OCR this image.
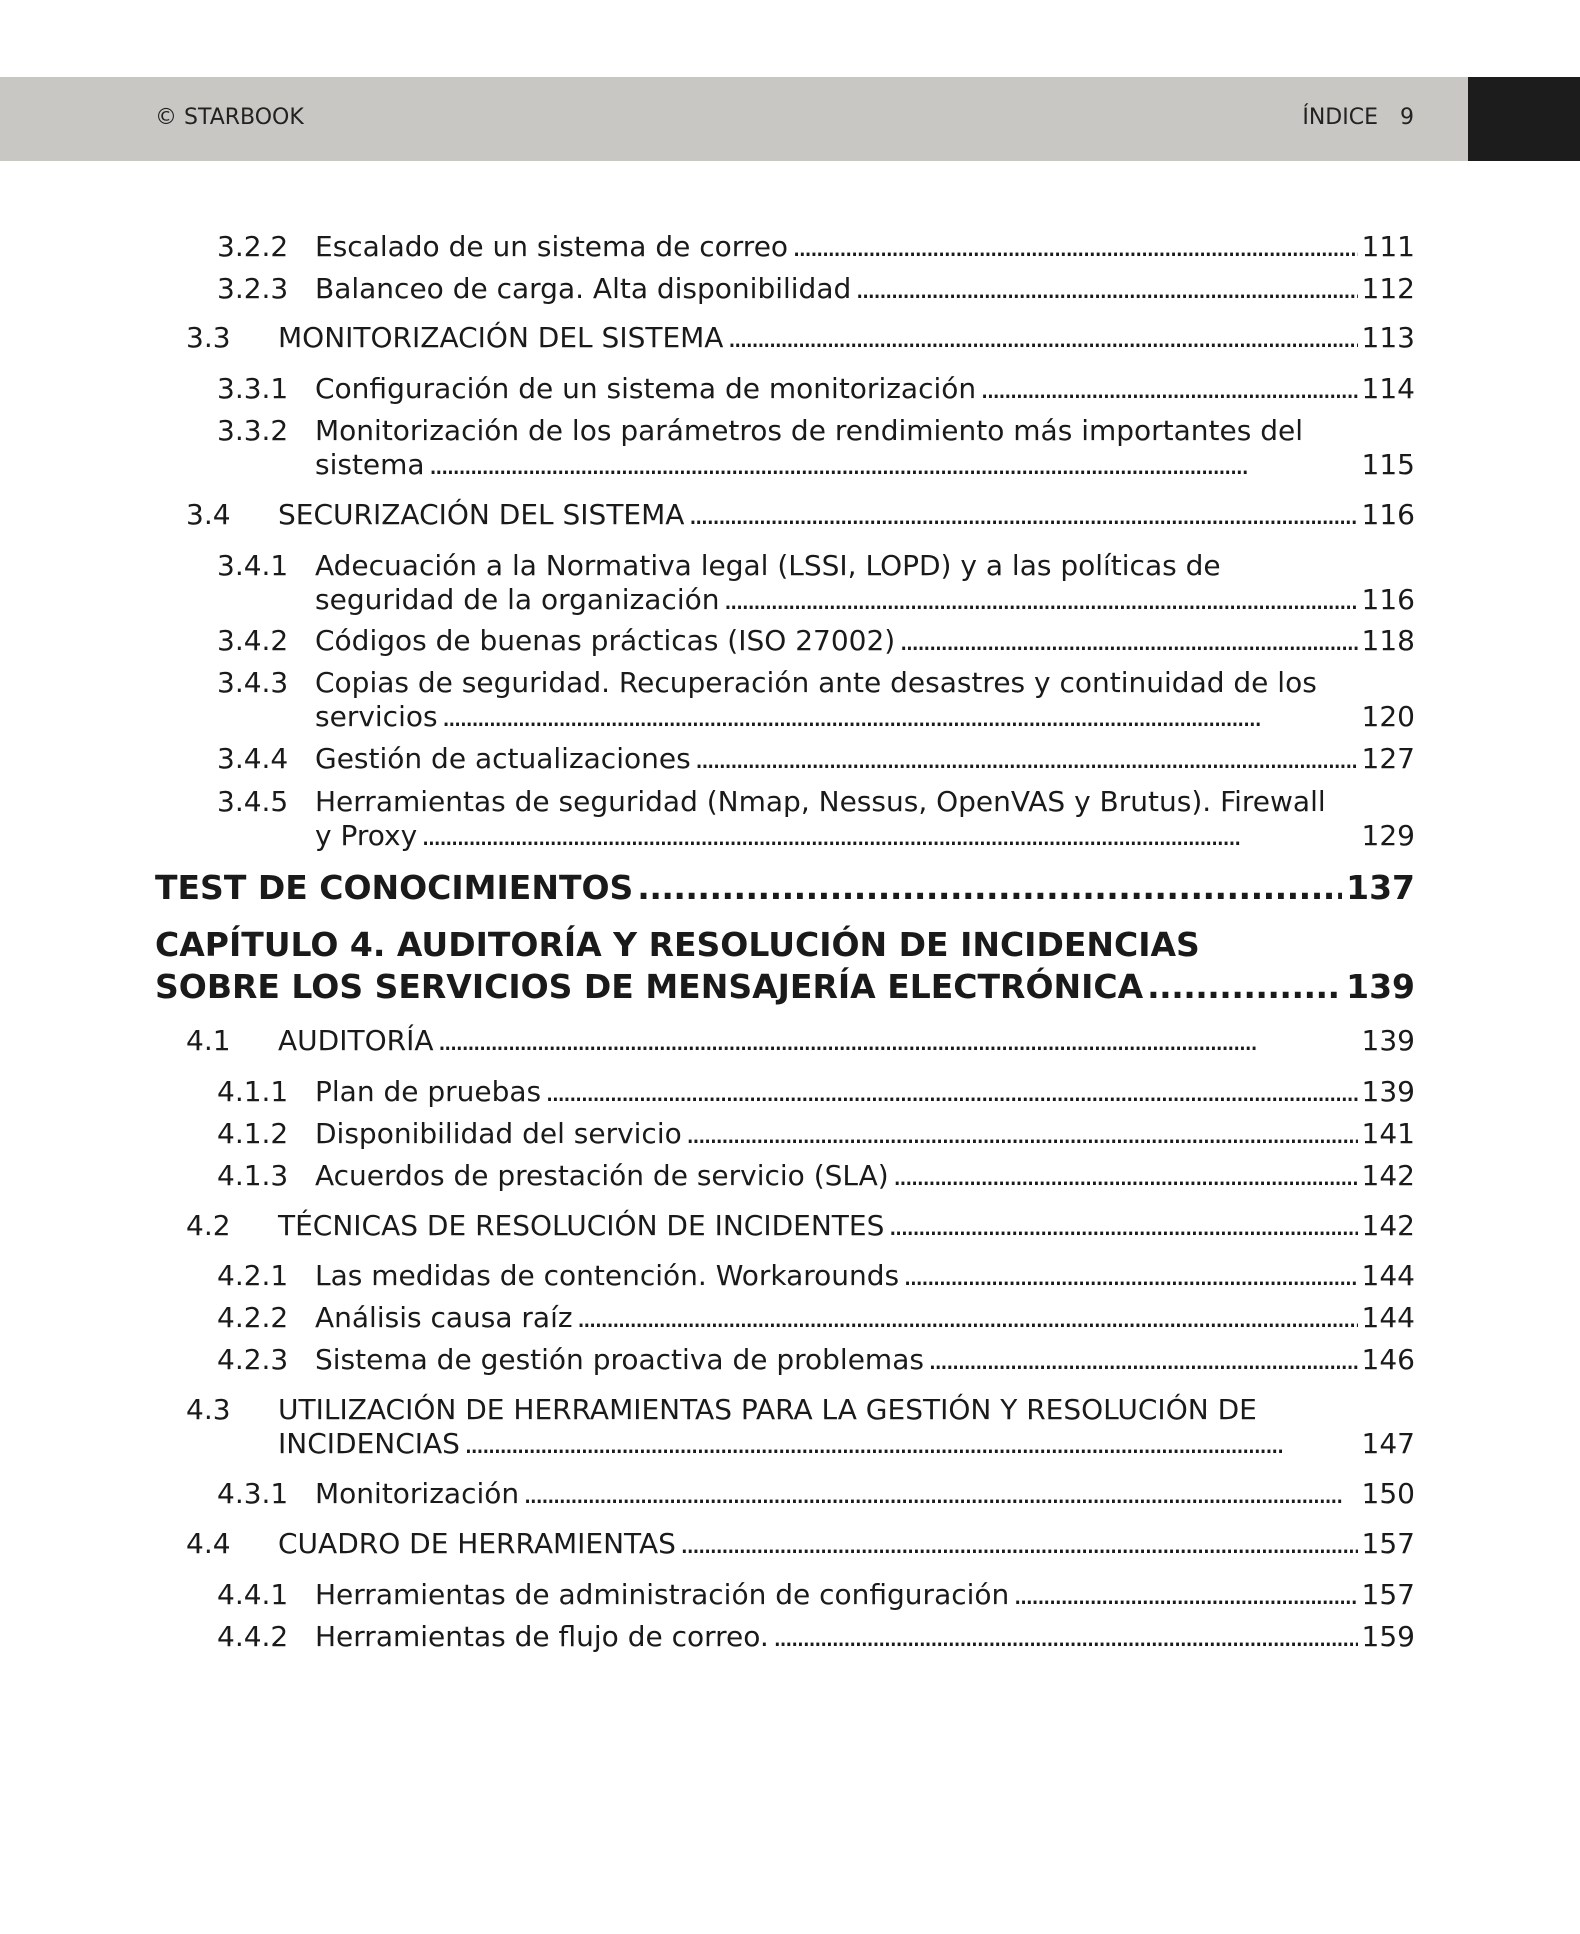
© STARBOOK	ÍNDICE 9
3.2.2 Escalado de un sistema de correo . . .	111
3.2.3 Balanceo de carga. Alta disponibilidad . . .	112
3.3 MONITORIZACIÓN DEL SISTEMA . . .	113
3.3.1 Configuración de un sistema de monitorización . . .	114
3.3.2 Monitorización de los parámetros de rendimiento más importantes del
sistema . . .	115
3.4 SECURIZACIÓN DEL SISTEMA . . .	116
3.4.1 Adecuación a la Normativa legal (LSSI, LOPD) y a las políticas de
seguridad de la organización . . .	116
3.4.2 Códigos de buenas prácticas (ISO 27002) . . .	118
3.4.3 Copias de seguridad. Recuperación ante desastres y continuidad de los
servicios . . .	120
3.4.4 Gestión de actualizaciones . . .	127
3.4.5 Herramientas de seguridad (Nmap, Nessus, OpenVAS y Brutus). Firewall
y Proxy . . .	129
TEST DE CONOCIMIENTOS . . .	137
CAPÍTULO 4. AUDITORÍA Y RESOLUCIÓN DE INCIDENCIAS
SOBRE LOS SERVICIOS DE MENSAJERÍA ELECTRÓNICA . . .	139
4.1 AUDITORÍA . . .	139
4.1.1 Plan de pruebas . . .	139
4.1.2 Disponibilidad del servicio . . .	141
4.1.3 Acuerdos de prestación de servicio (SLA) . . .	142
4.2 TÉCNICAS DE RESOLUCIÓN DE INCIDENTES . . .	142
4.2.1 Las medidas de contención. Workarounds . . .	144
4.2.2 Análisis causa raíz . . .	144
4.2.3 Sistema de gestión proactiva de problemas . . .	146
4.3 UTILIZACIÓN DE HERRAMIENTAS PARA LA GESTIÓN Y RESOLUCIÓN DE
INCIDENCIAS . . .	147
4.3.1 Monitorización . . .	150
4.4 CUADRO DE HERRAMIENTAS . . .	157
4.4.1 Herramientas de administración de configuración . . .	157
4.4.2 Herramientas de flujo de correo. . . .	159
